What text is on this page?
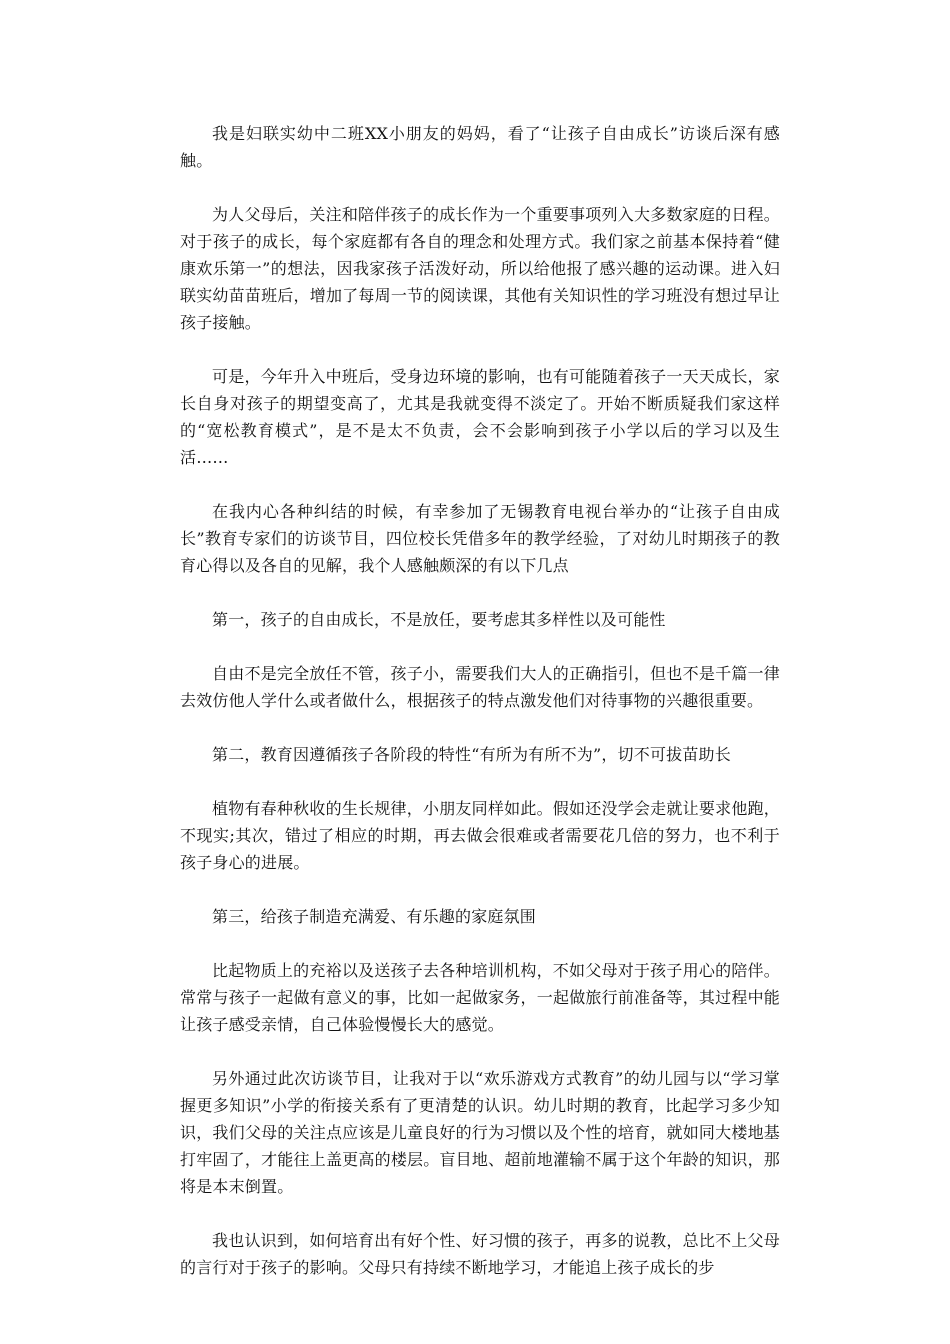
我是妇联实幼中二班XX小朋友的妈妈，看了“让孩子自由成长”访谈后深有感触。

为人父母后，关注和陪伴孩子的成长作为一个重要事项列入大多数家庭的日程。对于孩子的成长，每个家庭都有各自的理念和处理方式。我们家之前基本保持着“健康欢乐第一”的想法，因我家孩子活泼好动，所以给他报了感兴趣的运动课。进入妇联实幼苗苗班后，增加了每周一节的阅读课，其他有关知识性的学习班没有想过早让孩子接触。

可是，今年升入中班后，受身边环境的影响，也有可能随着孩子一天天成长，家长自身对孩子的期望变高了，尤其是我就变得不淡定了。开始不断质疑我们家这样的“宽松教育模式”，是不是太不负责，会不会影响到孩子小学以后的学习以及生活……

在我内心各种纠结的时候，有幸参加了无锡教育电视台举办的“让孩子自由成长”教育专家们的访谈节目，四位校长凭借多年的教学经验，了对幼儿时期孩子的教育心得以及各自的见解，我个人感触颇深的有以下几点

第一，孩子的自由成长，不是放任，要考虑其多样性以及可能性

自由不是完全放任不管，孩子小，需要我们大人的正确指引，但也不是千篇一律去效仿他人学什么或者做什么，根据孩子的特点激发他们对待事物的兴趣很重要。

第二，教育因遵循孩子各阶段的特性“有所为有所不为”，切不可拔苗助长

植物有春种秋收的生长规律，小朋友同样如此。假如还没学会走就让要求他跑，不现实;其次，错过了相应的时期，再去做会很难或者需要花几倍的努力，也不利于孩子身心的进展。

第三，给孩子制造充满爱、有乐趣的家庭氛围

比起物质上的充裕以及送孩子去各种培训机构，不如父母对于孩子用心的陪伴。常常与孩子一起做有意义的事，比如一起做家务，一起做旅行前准备等，其过程中能让孩子感受亲情，自己体验慢慢长大的感觉。

另外通过此次访谈节目，让我对于以“欢乐游戏方式教育”的幼儿园与以“学习掌握更多知识”小学的衔接关系有了更清楚的认识。幼儿时期的教育，比起学习多少知识，我们父母的关注点应该是儿童良好的行为习惯以及个性的培育，就如同大楼地基打牢固了，才能往上盖更高的楼层。盲目地、超前地灌输不属于这个年龄的知识，那将是本末倒置。

我也认识到，如何培育出有好个性、好习惯的孩子，再多的说教，总比不上父母的言行对于孩子的影响。父母只有持续不断地学习，才能追上孩子成长的步
